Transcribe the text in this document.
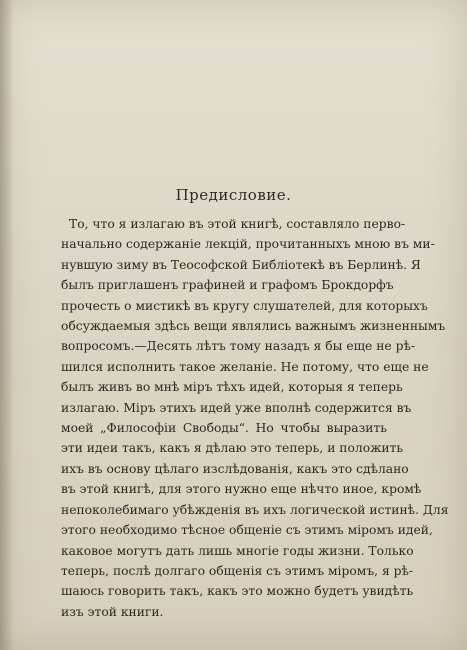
Предисловие.
То, что я излагаю въ этой книгѣ, составляло перво-
начально содержаніе лекцій, прочитанныхъ мною въ ми-
нувшую зиму въ Теософской Библіотекѣ въ Берлинѣ. Я
былъ приглашенъ графиней и графомъ Брокдорфъ
прочесть о мистикѣ въ кругу слушателей, для которыхъ
обсуждаемыя здѣсь вещи являлись важнымъ жизненнымъ
вопросомъ.—Десять лѣтъ тому назадъ я бы еще не рѣ-
шился исполнить такое желаніе. Не потому, что еще не
былъ живъ во мнѣ міръ тѣхъ идей, которыя я теперь
излагаю. Міръ этихъ идей уже вполнѣ содержится въ
моей „Философіи Свободы“. Но чтобы выразить
эти идеи такъ, какъ я дѣлаю это теперь, и положить
ихъ въ основу цѣлаго изслѣдованія, какъ это сдѣлано
въ этой книгѣ, для этого нужно еще нѣчто иное, кромѣ
непоколебимаго убѣжденія въ ихъ логической истинѣ. Для
этого необходимо тѣсное общеніе съ этимъ міромъ идей,
каковое могутъ дать лишь многіе годы жизни. Только
теперь, послѣ долгаго общенія съ этимъ міромъ, я рѣ-
шаюсь говорить такъ, какъ это можно будетъ увидѣть
изъ этой книги.
